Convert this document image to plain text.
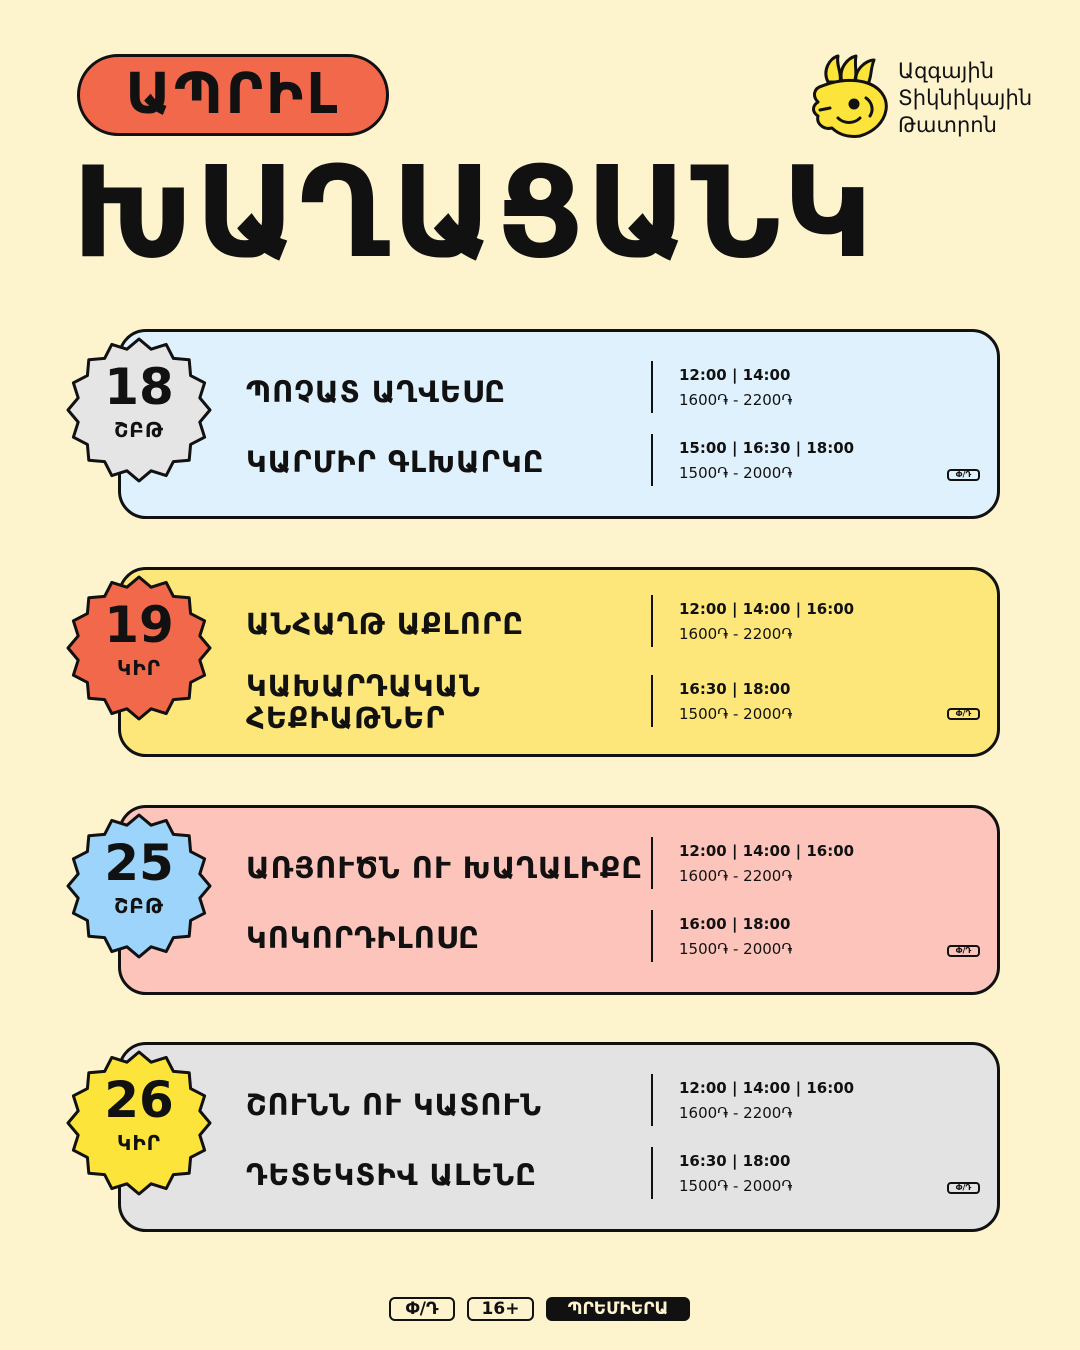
ԱՊՐԻԼ
ԽԱՂԱՑԱՆԿ
Ազգային
Տիկնիկային
Թատրոն
ՊՈՉԱՏ ԱՂՎԵՍԸ	12:00 | 14:00
1600֏ - 2200֏
ԿԱՐՄԻՐ ԳԼԽԱՐԿԸ	15:00 | 16:30 | 18:00
1500֏ - 2000֏	Փ/Դ
18
ՇԲԹ
ԱՆՀԱՂԹ ԱՔԼՈՐԸ	12:00 | 14:00 | 16:00
1600֏ - 2200֏
ԿԱԽԱՐԴԱԿԱՆ
ՀԵՔԻԱԹՆԵՐ
16:30 | 18:00
1500֏ - 2000֏	Փ/Դ
19
ԿԻՐ
ԱՌՅՈՒԾՆ ՈՒ ԽԱՂԱԼԻՔԸ 12:00 | 14:00 | 16:00
1600֏ - 2200֏
ԿՈԿՈՐԴԻԼՈՍԸ	16:00 | 18:00
1500֏ - 2000֏	Փ/Դ
25
ՇԲԹ
ՇՈՒՆՆ ՈՒ ԿԱՏՈՒՆ	12:00 | 14:00 | 16:00
1600֏ - 2200֏
ԴԵՏԵԿՏԻՎ ԱԼԵՆԸ	16:30 | 18:00
1500֏ - 2000֏	Փ/Դ
26
ԿԻՐ
Փ/Դ	16+	ՊՐԵՄԻԵՐԱ
